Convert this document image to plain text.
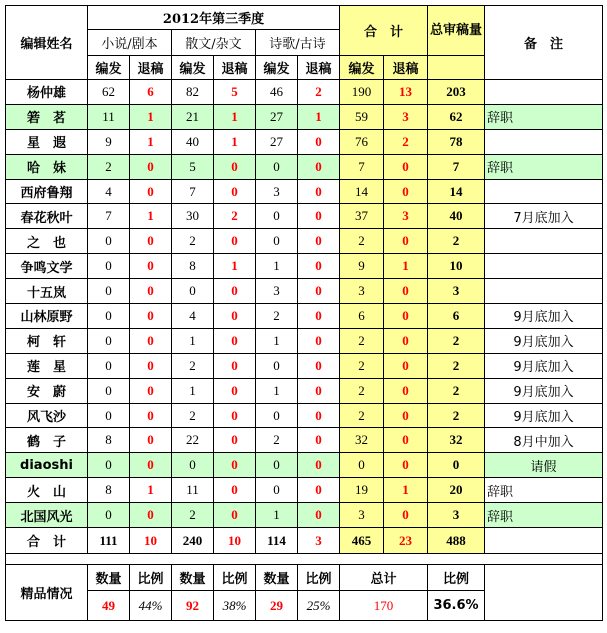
编辑姓名	2012年第三季度						合　计		总审稿量	备　注
	小说/剧本		散文/杂文		诗歌/古诗					
	编发	退稿	编发	退稿	编发	退稿	编发	退稿		
杨仲雄	62	6	82	5	46	2	190	13	203	
箬　茗	11	1	21	1	27	1	59	3	62	辞职
星　遐	9	1	40	1	27	0	76	2	78	
哈　妹	2	0	5	0	0	0	7	0	7	辞职
西府鲁翔	4	0	7	0	3	0	14	0	14	
春花秋叶	7	1	30	2	0	0	37	3	40	7月底加入
之　也	0	0	2	0	0	0	2	0	2	
争鸣文学	0	0	8	1	1	0	9	1	10	
十五岚	0	0	0	0	3	0	3	0	3	
山林原野	0	0	4	0	2	0	6	0	6	9月底加入
柯　轩	0	0	1	0	1	0	2	0	2	9月底加入
莲　星	0	0	2	0	0	0	2	0	2	9月底加入
安　蔚	0	0	1	0	1	0	2	0	2	9月底加入
风飞沙	0	0	2	0	0	0	2	0	2	9月底加入
鹤　子	8	0	22	0	2	0	32	0	32	8月中加入
diaoshi	0	0	0	0	0	0	0	0	0	请假
火　山	8	1	11	0	0	0	19	1	20	辞职
北国风光	0	0	2	0	1	0	3	0	3	辞职
合　计	111	10	240	10	114	3	465	23	488	

精品情况	数量	比例	数量	比例	数量	比例	总计		比例	
	49	44%	92	38%	29	25%	170		36.6%	
